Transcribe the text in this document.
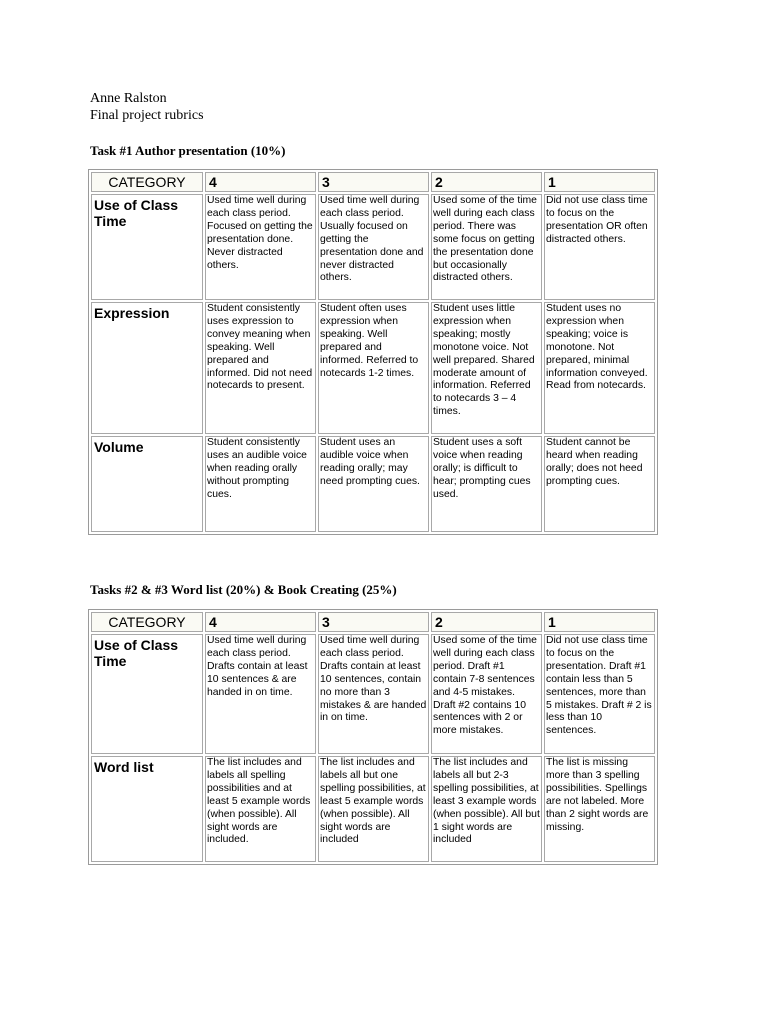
Anne Ralston
Final project rubrics
Task #1 Author presentation (10%)
CATEGORY	4	3	2	1
Use of Class Time	Used time well during each class period. Focused on getting the presentation done. Never distracted others.	Used time well during each class period. Usually focused on getting the presentation done and never distracted others.	Used some of the time well during each class period. There was some focus on getting the presentation done but occasionally distracted others.	Did not use class time to focus on the presentation OR often distracted others.
Expression	Student consistently uses expression to convey meaning when speaking. Well prepared and informed. Did not need notecards to present.	Student often uses expression when speaking. Well prepared and informed. Referred to notecards 1-2 times.	Student uses little expression when speaking; mostly monotone voice. Not well prepared. Shared moderate amount of information. Referred to notecards 3 – 4 times.	Student uses no expression when speaking; voice is monotone. Not prepared, minimal information conveyed. Read from notecards.
Volume	Student consistently uses an audible voice when reading orally without prompting cues.	Student uses an audible voice when reading orally; may need prompting cues.	Student uses a soft voice when reading orally; is difficult to hear; prompting cues used.	Student cannot be heard when reading orally; does not heed prompting cues.
Tasks #2 & #3 Word list (20%) & Book Creating (25%)
CATEGORY	4	3	2	1
Use of Class Time	Used time well during each class period. Drafts contain at least 10 sentences & are handed in on time.	Used time well during each class period. Drafts contain at least 10 sentences, contain no more than 3 mistakes & are handed in on time.	Used some of the time well during each class period. Draft #1 contain 7-8 sentences and 4-5 mistakes. Draft #2 contains 10 sentences with 2 or more mistakes.	Did not use class time to focus on the presentation. Draft #1 contain less than 5 sentences, more than 5 mistakes. Draft # 2 is less than 10 sentences.
Word list	The list includes and labels all spelling possibilities and at least 5 example words (when possible). All sight words are included.	The list includes and labels all but one spelling possibilities, at least 5 example words (when possible). All sight words are included	The list includes and labels all but 2-3 spelling possibilities, at least 3 example words (when possible). All but 1 sight words are included	The list is missing more than 3 spelling possibilities. Spellings are not labeled. More than 2 sight words are missing.
